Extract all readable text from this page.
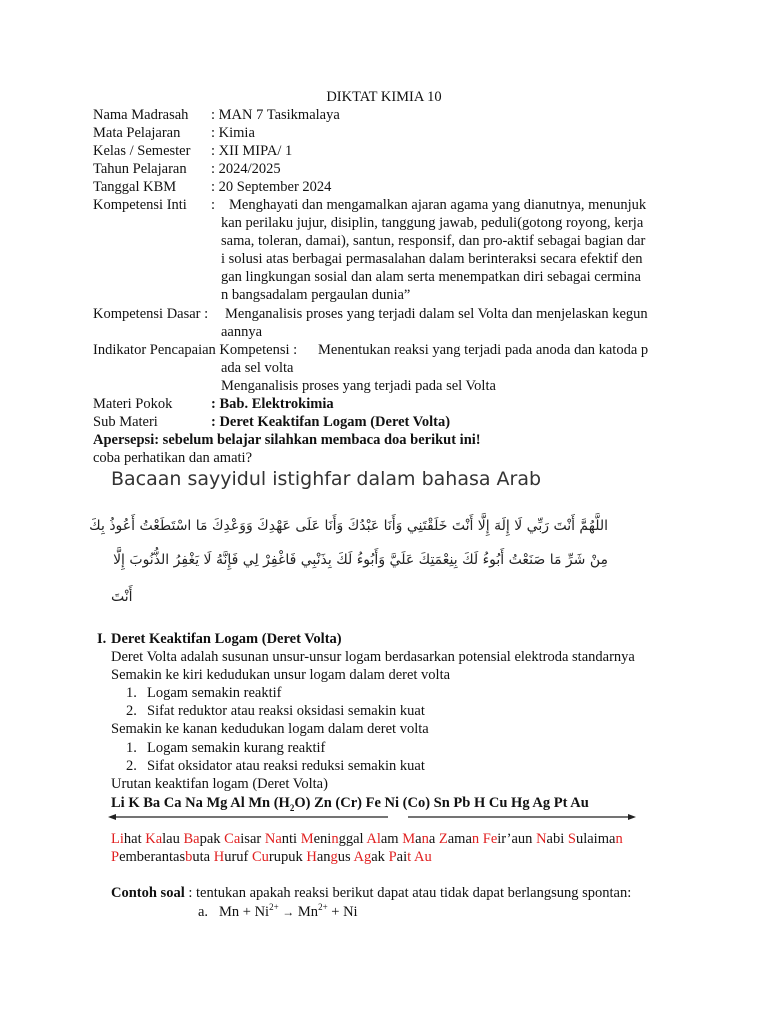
DIKTAT KIMIA 10
Nama Madrasah : MAN 7 Tasikmalaya
Mata Pelajaran : Kimia
Kelas / Semester : XII MIPA/ 1
Tahun Pelajaran : 2024/2025
Tanggal KBM : 20 September 2024
Kompetensi Inti : Menghayati dan mengamalkan ajaran agama yang dianutnya, menunjuk
kan perilaku jujur, disiplin, tanggung jawab, peduli(gotong royong, kerja
sama, toleran, damai), santun, responsif, dan pro-aktif sebagai bagian dar
i solusi atas berbagai permasalahan dalam berinteraksi secara efektif den
gan lingkungan sosial dan alam serta menempatkan diri sebagai cermina
n bangsadalam pergaulan dunia”
Kompetensi Dasar : Menganalisis proses yang terjadi dalam sel Volta dan menjelaskan kegun
aannya
Indikator Pencapaian Kompetensi : Menentukan reaksi yang terjadi pada anoda dan katoda p
ada sel volta
Menganalisis proses yang terjadi pada sel Volta
Materi Pokok	: Bab. Elektrokimia
Sub Materi	: Deret Keaktifan Logam (Deret Volta)
Apersepsi: sebelum belajar silahkan membaca doa berikut ini!
coba perhatikan dan amati?
Bacaan sayyidul istighfar dalam bahasa Arab
اللَّهُمَّ أَنْتَ رَبِّي لَا إِلَهَ إِلَّا أَنْتَ خَلَقْتَنِي وَأَنَا عَبْدُكَ وَأَنَا عَلَى عَهْدِكَ وَوَعْدِكَ مَا اسْتَطَعْتُ أَعُوذُ بِكَ
مِنْ شَرِّ مَا صَنَعْتُ أَبُوءُ لَكَ بِنِعْمَتِكَ عَلَيَّ وَأَبُوءُ لَكَ بِذَنْبِي فَاغْفِرْ لِي فَإِنَّهُ لَا يَغْفِرُ الذُّنُوبَ إِلَّا
أَنْتَ
I. Deret Keaktifan Logam (Deret Volta)
Deret Volta adalah susunan unsur-unsur logam berdasarkan potensial elektroda standarnya
Semakin ke kiri kedudukan unsur logam dalam deret volta
1. Logam semakin reaktif
2. Sifat reduktor atau reaksi oksidasi semakin kuat
Semakin ke kanan kedudukan logam dalam deret volta
1. Logam semakin kurang reaktif
2. Sifat oksidator atau reaksi reduksi semakin kuat
Urutan keaktifan logam (Deret Volta)
Li K Ba Ca Na Mg Al Mn $(H_2O)$ Zn (Cr) Fe Ni (Co) Sn Pb H Cu Hg Ag Pt Au
Lihat Kalau Bapak Caisar Nanti Meninggal Alam Mana Zaman Feir’aun Nabi Sulaiman
Pemberantasbuta Huruf Curupuk Hangus Agak Pait Au
Contoh soal : tentukan apakah reaksi berikut dapat atau tidak dapat berlangsung spontan:
a. $Mn + Ni^{2+} \to Mn^{2+} + Ni$
